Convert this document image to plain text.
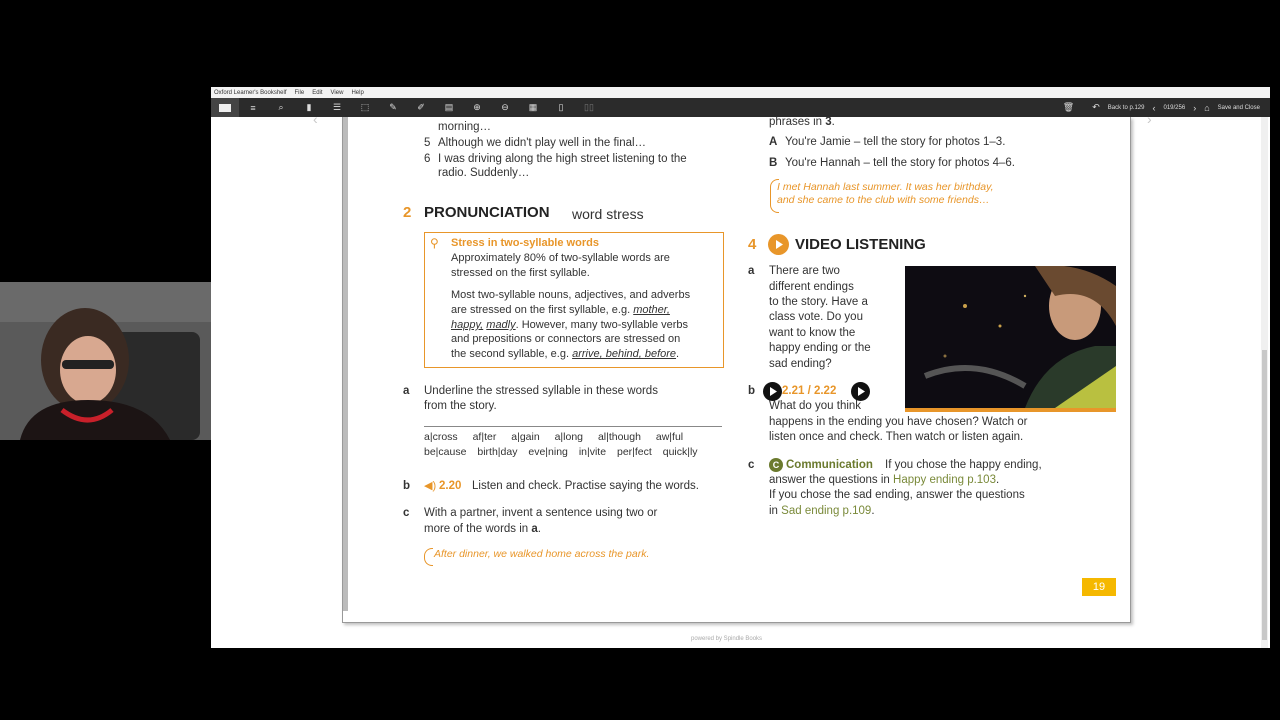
Oxford Learner's Bookshelf File Edit View Help
≡	⌕	▮	☰	⬚	✎	✐	▤	⊕	⊖	▦	▯	▯▯	🗑 ↶ Back to p.129 ‹ 019/256 › ⌂ Save and Close
‹	›
powered by Spindle Books
morning…
5 Although we didn't play well in the final…
6 I was driving along the high street listening to the
radio. Suddenly…
2 PRONUNCIATION word stress
⚲ Stress in two-syllable words
Approximately 80% of two-syllable words are
stressed on the first syllable.
Most two-syllable nouns, adjectives, and adverbs
are stressed on the first syllable, e.g. mother,
happy, madly. However, many two-syllable verbs
and prepositions or connectors are stressed on
the second syllable, e.g. arrive, behind, before.
a Underline the stressed syllable in these words
from the story.
a|cross af|ter a|gain a|long al|though aw|ful
be|cause birth|day eve|ning in|vite per|fect quick|ly
b ◀) 2.20 Listen and check. Practise saying the words.
c With a partner, invent a sentence using two or
more of the words in a.
After dinner, we walked home across the park.
phrases in 3.
A You're Jamie – tell the story for photos 1–3.
B You're Hannah – tell the story for photos 4–6.
I met Hannah last summer. It was her birthday,
and she came to the club with some friends…
4	VIDEO LISTENING
a There are two
different endings
to the story. Have a
class vote. Do you
want to know the
happy ending or the
sad ending?
b 2.21 / 2.22
What do you think
happens in the ending you have chosen? Watch or
listen once and check. Then watch or listen again.
c	C Communication If you chose the happy ending,
answer the questions in Happy ending p.103.
If you chose the sad ending, answer the questions
in Sad ending p.109.
19
